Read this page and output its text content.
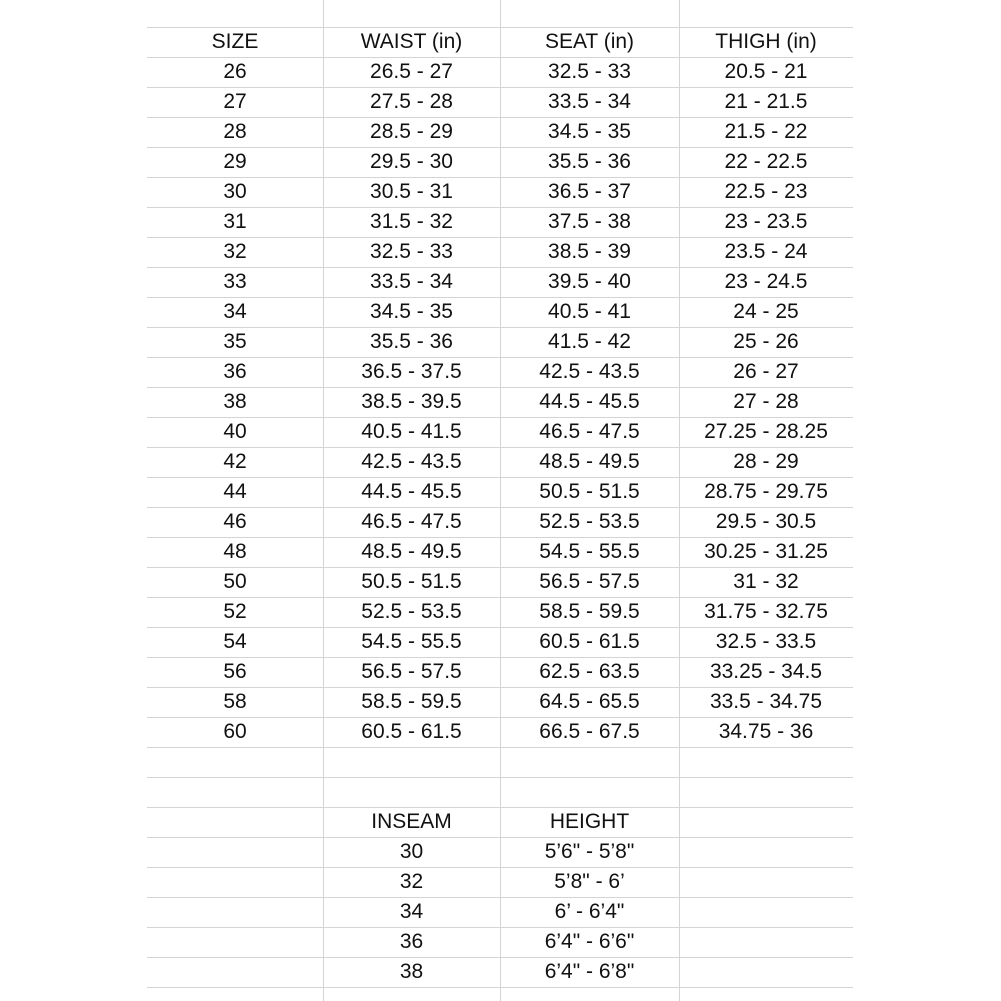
SIZE	WAIST (in)	SEAT (in)	THIGH (in)
26	26.5 - 27	32.5 - 33	20.5 - 21
27	27.5 - 28	33.5 - 34	21 - 21.5
28	28.5 - 29	34.5 - 35	21.5 - 22
29	29.5 - 30	35.5 - 36	22 - 22.5
30	30.5 - 31	36.5 - 37	22.5 - 23
31	31.5 - 32	37.5 - 38	23 - 23.5
32	32.5 - 33	38.5 - 39	23.5 - 24
33	33.5 - 34	39.5 - 40	23 - 24.5
34	34.5 - 35	40.5 - 41	24 - 25
35	35.5 - 36	41.5 - 42	25 - 26
36	36.5 - 37.5	42.5 - 43.5	26 - 27
38	38.5 - 39.5	44.5 - 45.5	27 - 28
40	40.5 - 41.5	46.5 - 47.5	27.25 - 28.25
42	42.5 - 43.5	48.5 - 49.5	28 - 29
44	44.5 - 45.5	50.5 - 51.5	28.75 - 29.75
46	46.5 - 47.5	52.5 - 53.5	29.5 - 30.5
48	48.5 - 49.5	54.5 - 55.5	30.25 - 31.25
50	50.5 - 51.5	56.5 - 57.5	31 - 32
52	52.5 - 53.5	58.5 - 59.5	31.75 - 32.75
54	54.5 - 55.5	60.5 - 61.5	32.5 - 33.5
56	56.5 - 57.5	62.5 - 63.5	33.25 - 34.5
58	58.5 - 59.5	64.5 - 65.5	33.5 - 34.75
60	60.5 - 61.5	66.5 - 67.5	34.75 - 36
INSEAM	HEIGHT
30	5’6" - 5’8"
32	5’8" - 6’
34	6’ - 6’4"
36	6’4" - 6’6"
38	6’4" - 6’8"
